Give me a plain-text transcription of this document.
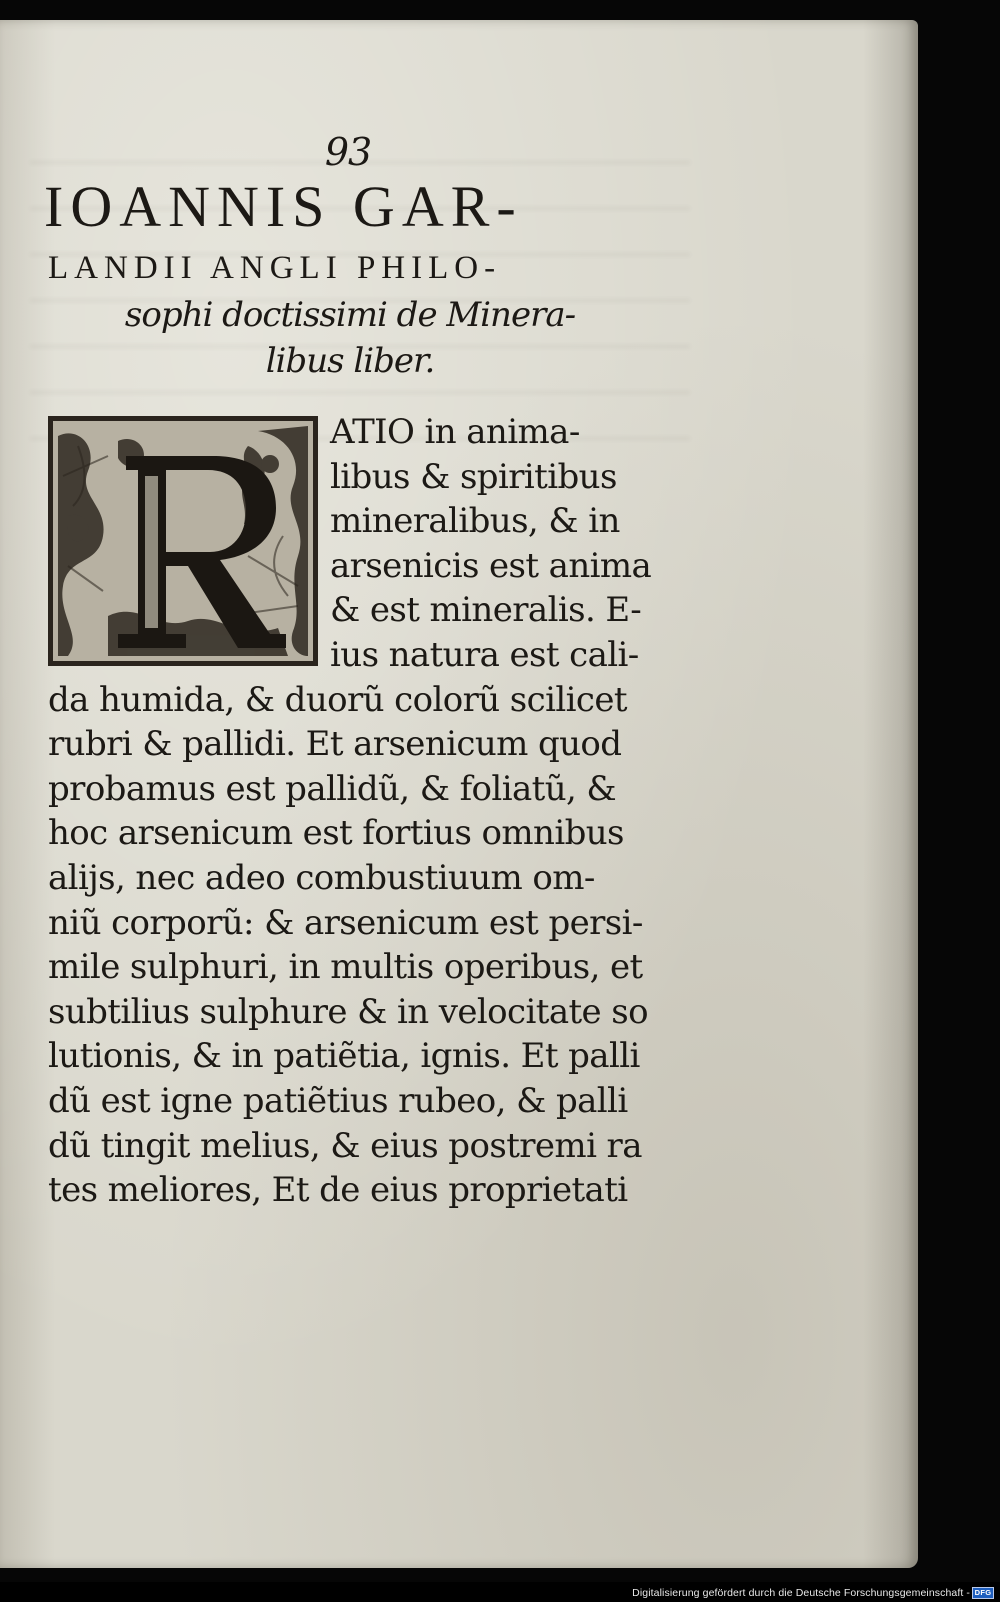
93
IOANNIS GAR-
LANDII ANGLI PHILO-
sophi doctissimi de Minera-
libus liber.
ATIO in anima-
libus & spiritibus
mineralibus, & in
arsenicis est anima
& est mineralis. E-
ius natura est cali-
da humida, & duorũ colorũ scilicet
rubri & pallidi. Et arsenicum quod
probamus est pallidũ, & foliatũ, &
hoc arsenicum est fortius omnibus
aliјs, nec adeo combustiuum om-
niũ corporũ: & arsenicum est persi-
mile sulphuri, in multis operibus, et
subtilius sulphure & in velocitate so
lutionis, & in patiẽtia, ignis. Et palli
dũ est igne patiẽtius rubeo, & palli
dũ tingit melius, & eius postremi ra
tes meliores, Et de eius proprietati
Digitalisierung gefördert durch die Deutsche Forschungsgemeinschaft - DFG
